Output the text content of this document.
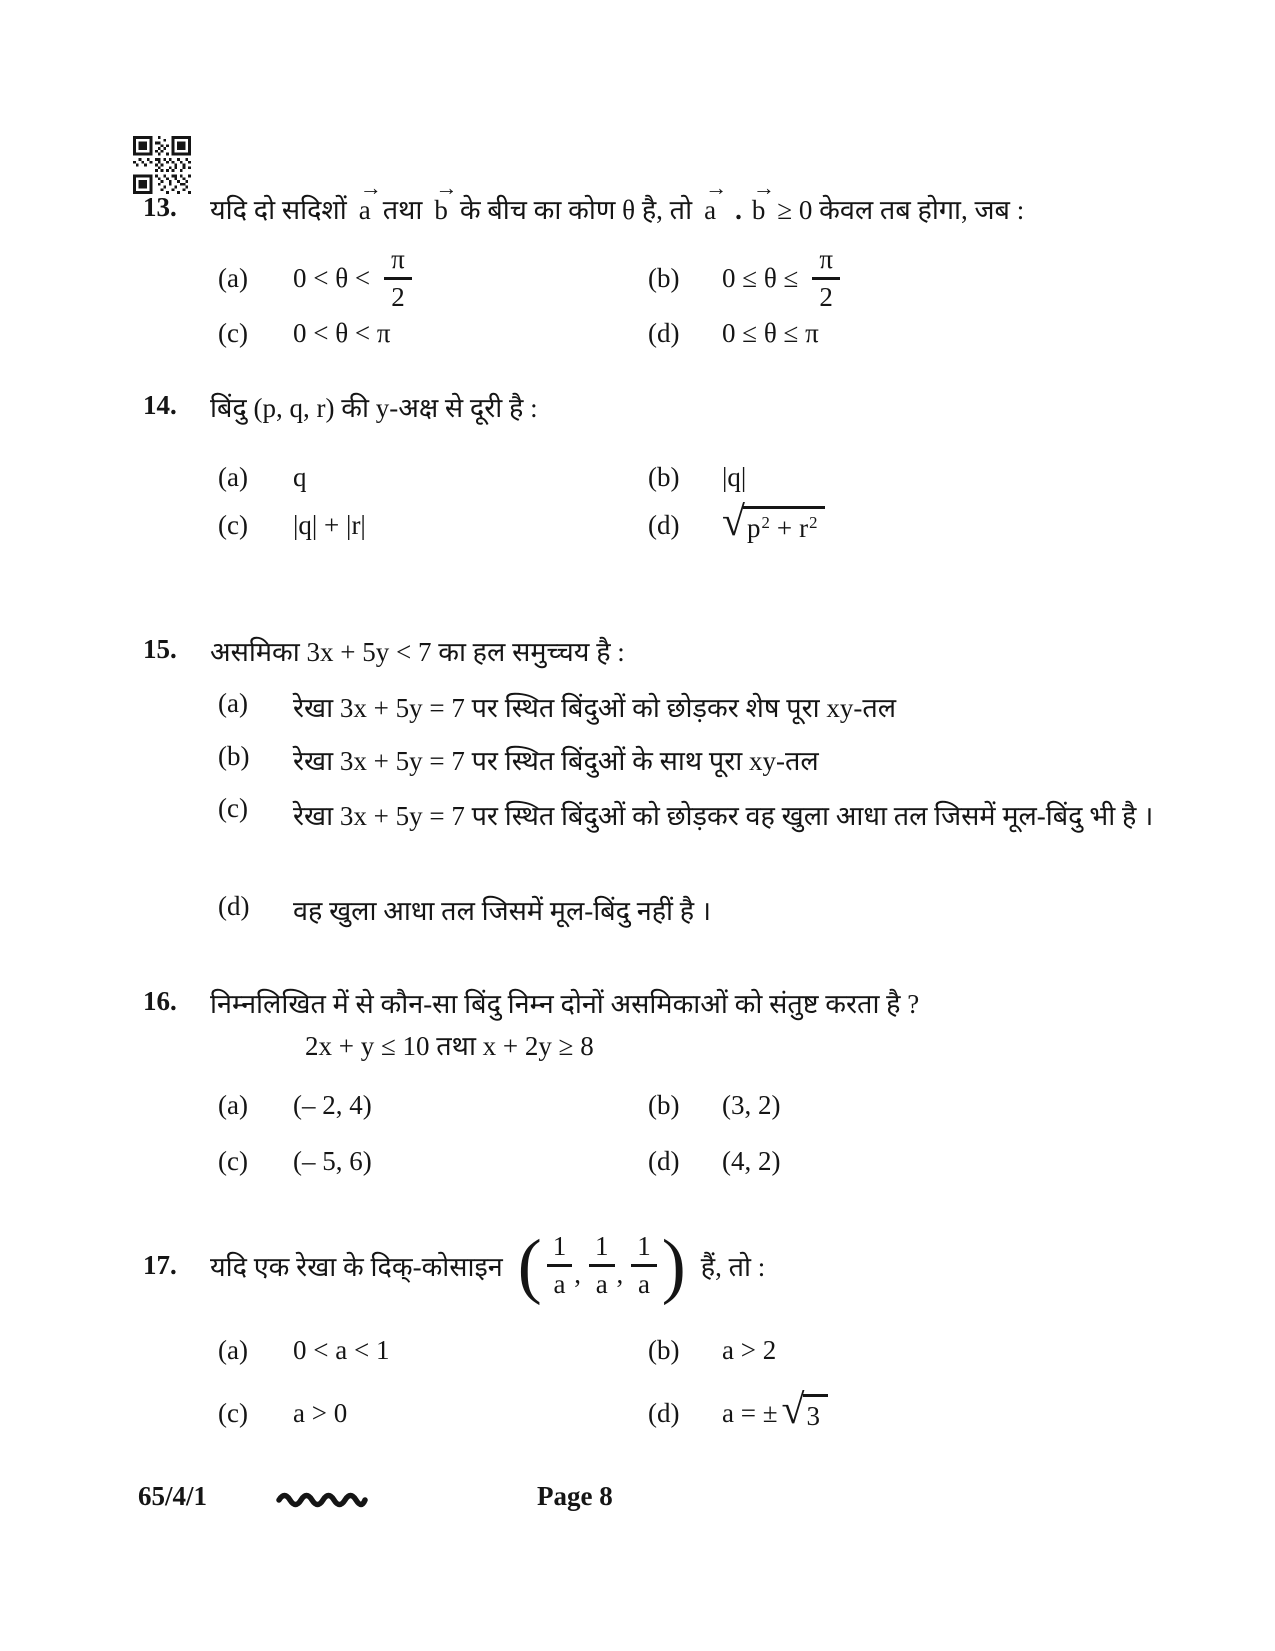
13. यदि दो सदिशों a
→
तथा b
→
के बीच का कोण θ है, तो a
→
. b
→
≥ 0 केवल तब होगा, जब :
(a) $0 < \theta < \frac{\pi}{2}$	(b) $0 \le \theta \le \frac{\pi}{2}$
(c) 0 < θ < π	(d) 0 ≤ θ ≤ π
14. बिंदु (p, q, r) की y-अक्ष से दूरी है :
(a) q	(b) |q|
(c) |q| + |r|	(d) √ $p^2 + r^2$
15. असमिका 3x + 5y < 7 का हल समुच्चय है :
(a) रेखा 3x + 5y = 7 पर स्थित बिंदुओं को छोड़कर शेष पूरा xy-तल
(b) रेखा 3x + 5y = 7 पर स्थित बिंदुओं के साथ पूरा xy-तल
(c) रेखा 3x + 5y = 7 पर स्थित बिंदुओं को छोड़कर वह खुला आधा तल जिसमें मूल-बिंदु भी है ।
(d) वह खुला आधा तल जिसमें मूल-बिंदु नहीं है ।
16. निम्नलिखित में से कौन-सा बिंदु निम्न दोनों असमिकाओं को संतुष्ट करता है ?
2x + y ≤ 10 तथा x + 2y ≥ 8
(a) (– 2, 4)	(b) (3, 2)
(c) (– 5, 6)	(d) (4, 2)
17.	यदि एक रेखा के दिक्-कोसाइन ( 1
a ,
1
a ,
1
a ) हैं, तो :
(a) 0 < a < 1	(b) a > 2
(c) a > 0	(d) a = ± √ 3
65/4/1	Page 8
